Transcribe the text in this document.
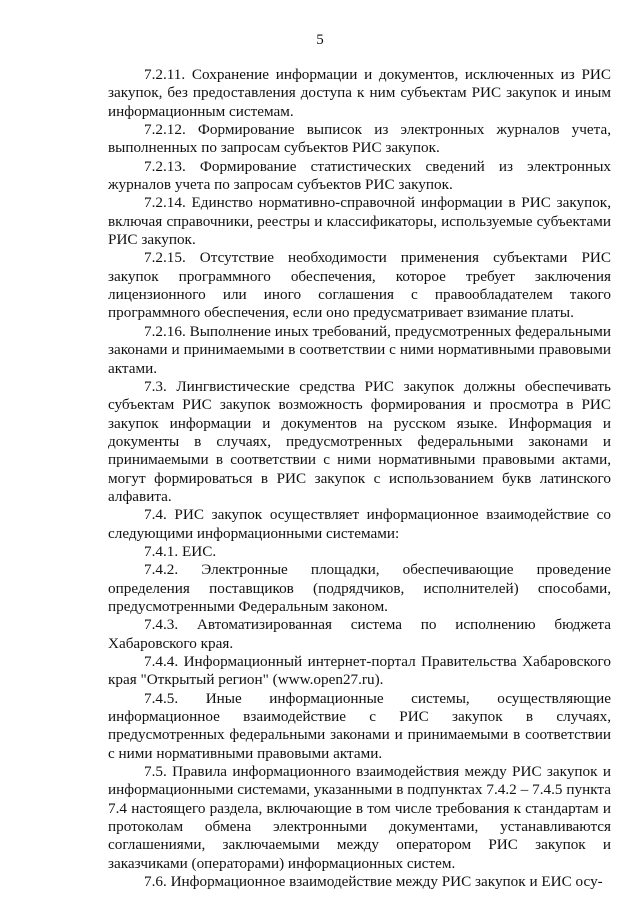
5

7.2.11. Сохранение информации и документов, исключенных из РИС закупок, без предоставления доступа к ним субъектам РИС закупок и иным информационным системам.

7.2.12. Формирование выписок из электронных журналов учета, выполненных по запросам субъектов РИС закупок.

7.2.13. Формирование статистических сведений из электронных журналов учета по запросам субъектов РИС закупок.

7.2.14. Единство нормативно-справочной информации в РИС закупок, включая справочники, реестры и классификаторы, используемые субъектами РИС закупок.

7.2.15. Отсутствие необходимости применения субъектами РИС закупок программного обеспечения, которое требует заключения лицензионного или иного соглашения с правообладателем такого программного обеспечения, если оно предусматривает взимание платы.

7.2.16. Выполнение иных требований, предусмотренных федеральными законами и принимаемыми в соответствии с ними нормативными правовыми актами.

7.3. Лингвистические средства РИС закупок должны обеспечивать субъектам РИС закупок возможность формирования и просмотра в РИС закупок информации и документов на русском языке. Информация и документы в случаях, предусмотренных федеральными законами и принимаемыми в соответствии с ними нормативными правовыми актами, могут формироваться в РИС закупок с использованием букв латинского алфавита.

7.4. РИС закупок осуществляет информационное взаимодействие со следующими информационными системами:

7.4.1. ЕИС.

7.4.2. Электронные площадки, обеспечивающие проведение определения поставщиков (подрядчиков, исполнителей) способами, предусмотренными Федеральным законом.

7.4.3. Автоматизированная система по исполнению бюджета Хабаровского края.

7.4.4. Информационный интернет-портал Правительства Хабаровского края "Открытый регион" (www.open27.ru).

7.4.5. Иные информационные системы, осуществляющие информационное взаимодействие с РИС закупок в случаях, предусмотренных федеральными законами и принимаемыми в соответствии с ними нормативными правовыми актами.

7.5. Правила информационного взаимодействия между РИС закупок и информационными системами, указанными в подпунктах 7.4.2 – 7.4.5 пункта 7.4 настоящего раздела, включающие в том числе требования к стандартам и протоколам обмена электронными документами, устанавливаются соглашениями, заключаемыми между оператором РИС закупок и заказчиками (операторами) информационных систем.

7.6. Информационное взаимодействие между РИС закупок и ЕИС осу-
